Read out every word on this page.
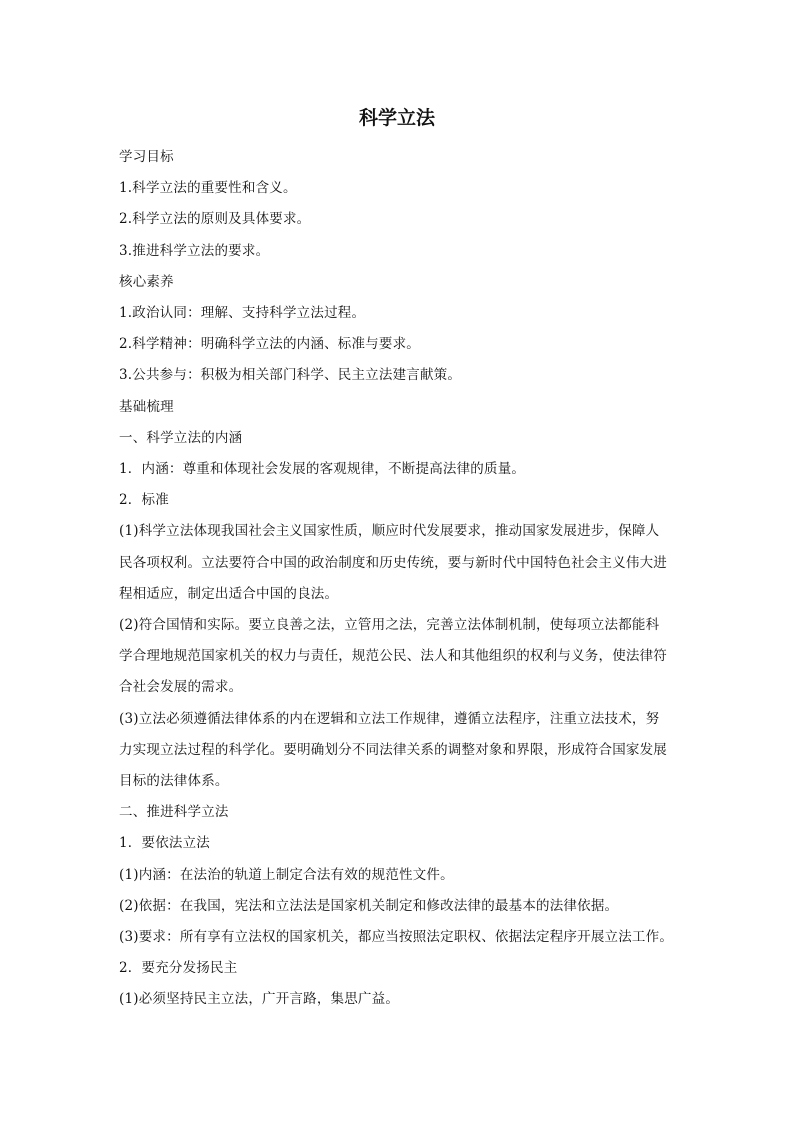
科学立法
学习目标
1.科学立法的重要性和含义。
2.科学立法的原则及具体要求。
3.推进科学立法的要求。
核心素养
1.政治认同：理解、支持科学立法过程。
2.科学精神：明确科学立法的内涵、标准与要求。
3.公共参与：积极为相关部门科学、民主立法建言献策。
基础梳理
一、科学立法的内涵
1．内涵：尊重和体现社会发展的客观规律，不断提高法律的质量。
2．标准
(1)科学立法体现我国社会主义国家性质，顺应时代发展要求，推动国家发展进步，保障人
民各项权利。立法要符合中国的政治制度和历史传统，要与新时代中国特色社会主义伟大进
程相适应，制定出适合中国的良法。
(2)符合国情和实际。要立良善之法，立管用之法，完善立法体制机制，使每项立法都能科
学合理地规范国家机关的权力与责任，规范公民、法人和其他组织的权利与义务，使法律符
合社会发展的需求。
(3)立法必须遵循法律体系的内在逻辑和立法工作规律，遵循立法程序，注重立法技术，努
力实现立法过程的科学化。要明确划分不同法律关系的调整对象和界限，形成符合国家发展
目标的法律体系。
二、推进科学立法
1．要依法立法
(1)内涵：在法治的轨道上制定合法有效的规范性文件。
(2)依据：在我国，宪法和立法法是国家机关制定和修改法律的最基本的法律依据。
(3)要求：所有享有立法权的国家机关，都应当按照法定职权、依据法定程序开展立法工作。
2．要充分发扬民主
(1)必须坚持民主立法，广开言路，集思广益。
